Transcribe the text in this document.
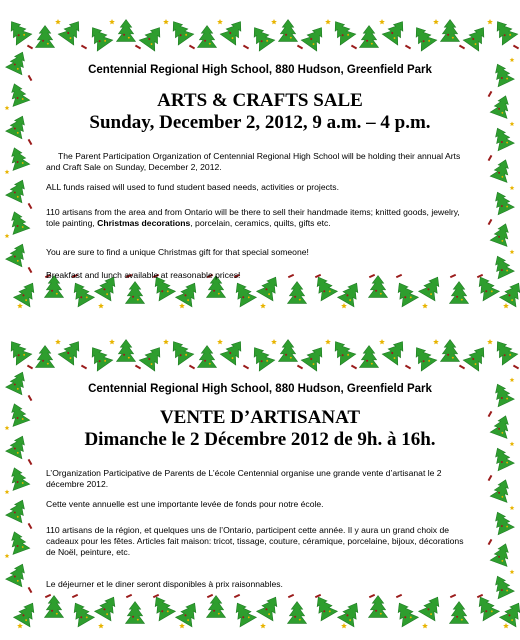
Centennial Regional High School, 880 Hudson, Greenfield Park
ARTS & CRAFTS SALE
Sunday, December 2, 2012, 9 a.m. – 4 p.m.

The Parent Participation Organization of Centennial Regional High School will be holding their annual Arts and Craft Sale on Sunday, December 2, 2012.

ALL funds raised will used to fund student based needs, activities or projects.

110 artisans from the area and from Ontario will be there to sell their handmade items; knitted goods, jewelry, tole painting, Christmas decorations, porcelain, ceramics, quilts, gifts etc.

You are sure to find a unique Christmas gift for that special someone!

Breakfast and lunch available at reasonable prices!

Centennial Regional High School, 880 Hudson, Greenfield Park
VENTE D’ARTISANAT
Dimanche le 2 Décembre 2012 de 9h. à 16h.

L’Organization Participative de Parents de L’école Centennial organise une grande vente d’artisanat le 2 décembre 2012.

Cette vente annuelle est une importante levée de fonds pour notre école.

110 artisans de la région, et quelques uns de l’Ontario, participent cette année. Il y aura un grand choix de cadeaux pour les fêtes. Articles fait maison: tricot, tissage, couture, céramique, porcelaine, bijoux, décorations de Noël, peinture, etc.

Le déjeurner et le diner seront disponibles à prix raisonnables.
